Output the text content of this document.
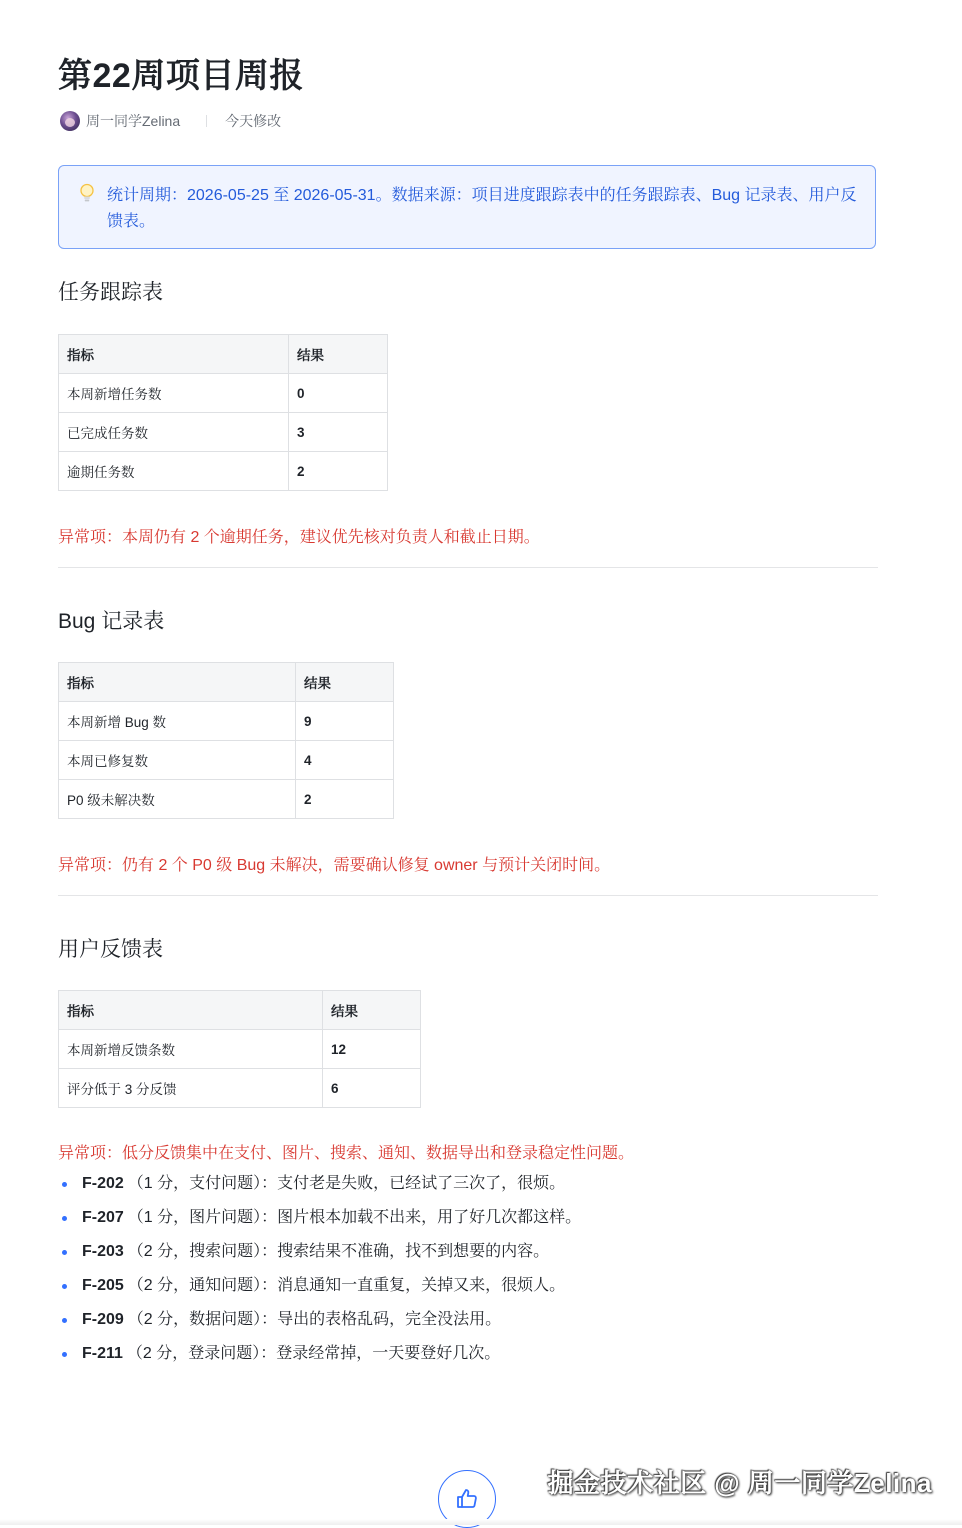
第22周项目周报
周一同学Zelina	今天修改
统计周期：2026-05-25 至 2026-05-31。数据来源：项目进度跟踪表中的任务跟踪表、Bug 记录表、用户反馈表。
任务跟踪表
指标	结果
本周新增任务数	0
已完成任务数	3
逾期任务数	2
异常项：本周仍有 2 个逾期任务，建议优先核对负责人和截止日期。
Bug 记录表
指标	结果
本周新增 Bug 数	9
本周已修复数	4
P0 级未解决数	2
异常项：仍有 2 个 P0 级 Bug 未解决，需要确认修复 owner 与预计关闭时间。
用户反馈表
指标	结果
本周新增反馈条数	12
评分低于 3 分反馈	6
异常项：低分反馈集中在支付、图片、搜索、通知、数据导出和登录稳定性问题。
F-202 （1 分，支付问题）：支付老是失败，已经试了三次了，很烦。
F-207 （1 分，图片问题）：图片根本加载不出来，用了好几次都这样。
F-203 （2 分，搜索问题）：搜索结果不准确，找不到想要的内容。
F-205 （2 分，通知问题）：消息通知一直重复，关掉又来，很烦人。
F-209 （2 分，数据问题）：导出的表格乱码，完全没法用。
F-211 （2 分，登录问题）：登录经常掉，一天要登好几次。
掘金技术社区 @ 周一同学Zelina
